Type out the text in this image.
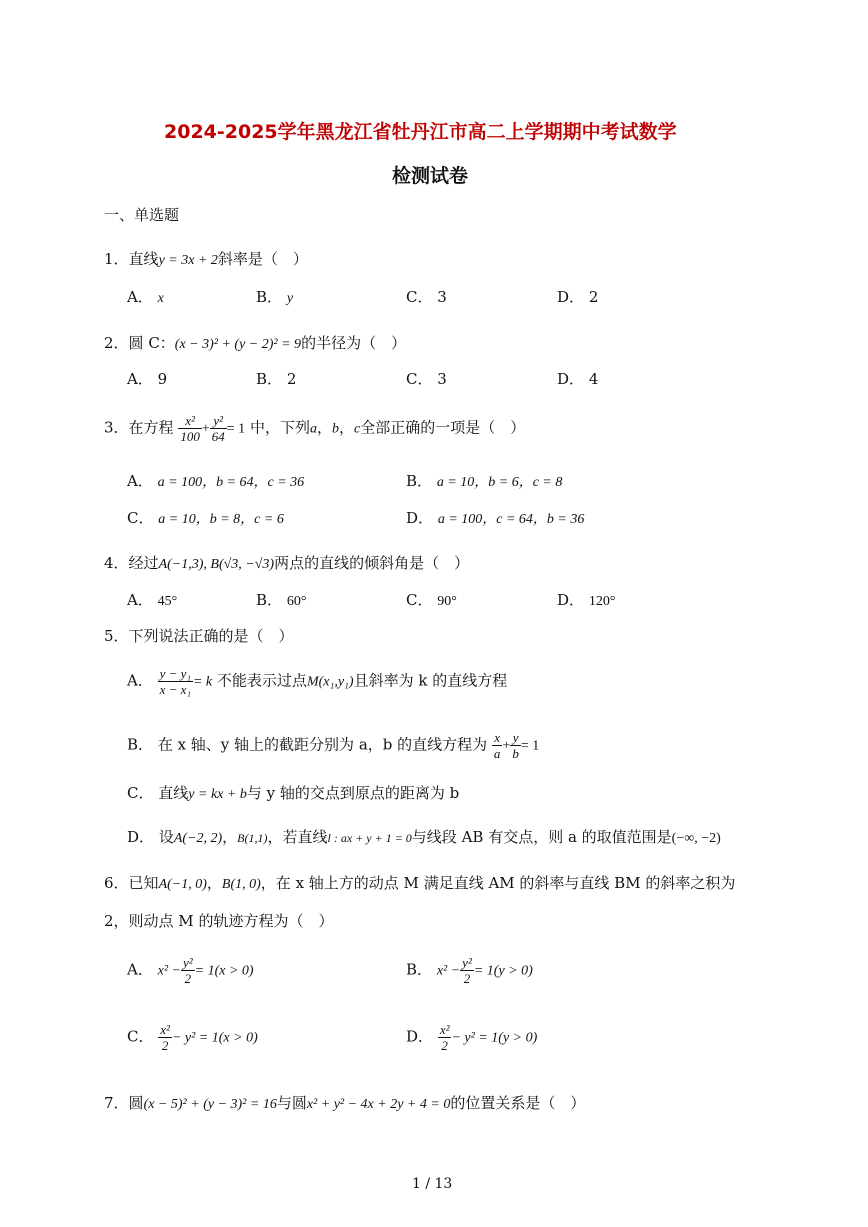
2024-2025学年黑龙江省牡丹江市高二上学期期中考试数学
检测试卷
一、单选题
1．直线y = 3x + 2斜率是（　）
A． x	B． y	C． 3	D． 2
2．圆 C：(x − 3)² + (y − 2)² = 9的半径为（　）
A． 9	B． 2	C． 3	D． 4
3．在方程 $\frac{\text{x²}}{100} + \frac{\text{y²}}{64} = 1$ 中，下列a，b，c全部正确的一项是（　）
A． a = 100，b = 64，c = 36	B． a = 10，b = 6，c = 8
C． a = 10，b = 8，c = 6	D． a = 100，c = 64，b = 36
4．经过A(−1,3), B(√3, −√3)两点的直线的倾斜角是（　）
A． 45°	B． 60°	C． 90°	D． 120°
5．下列说法正确的是（　）
A． $\frac{\text{y − y₁}}{\text{x − x₁}} = k$ 不能表示过点M(x₁,y₁)且斜率为 k 的直线方程
B． 在 x 轴、y 轴上的截距分别为 a，b 的直线方程为 $\frac{x}{a} + \frac{y}{b} = 1$
C． 直线y = kx + b与 y 轴的交点到原点的距离为 b
D． 设A(−2, 2)，B(1,1)，若直线l : ax + y + 1 = 0与线段 AB 有交点，则 a 的取值范围是(−∞, −2)
6．已知A(−1, 0)，B(1, 0)，在 x 轴上方的动点 M 满足直线 AM 的斜率与直线 BM 的斜率之积为
2，则动点 M 的轨迹方程为（　）
A． $x^2 - \frac{\text{y²}}{2} = 1(x > 0)$	B． $x^2 - \frac{\text{y²}}{2} = 1(y > 0)$
C． $\frac{\text{x²}}{2} - y^2 = 1(x > 0)$	D． $\frac{\text{x²}}{2} - y^2 = 1(y > 0)$
7．圆(x − 5)² + (y − 3)² = 16与圆x² + y² − 4x + 2y + 4 = 0的位置关系是（　）
1 / 13
